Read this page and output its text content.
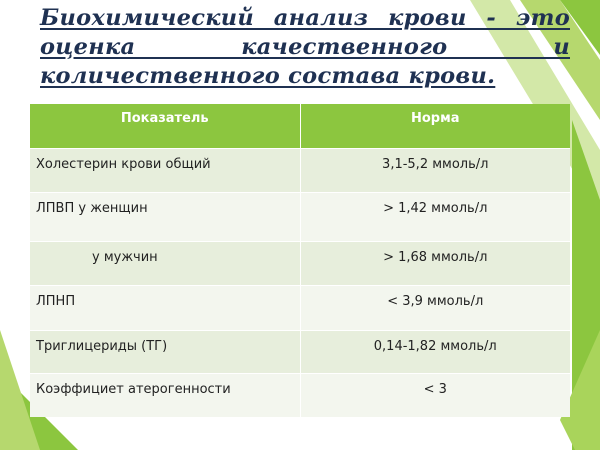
Биохимический анализ крови - это оценка качественного и количественного состава крови.
Показатель	Норма
Холестерин крови общий	3,1-5,2 ммоль/л
ЛПВП у женщин	> 1,42 ммоль/л
у мужчин	> 1,68 ммоль/л
ЛПНП	< 3,9 ммоль/л
Триглицериды (ТГ)	0,14-1,82 ммоль/л
Коэффициет атерогенности	< 3
